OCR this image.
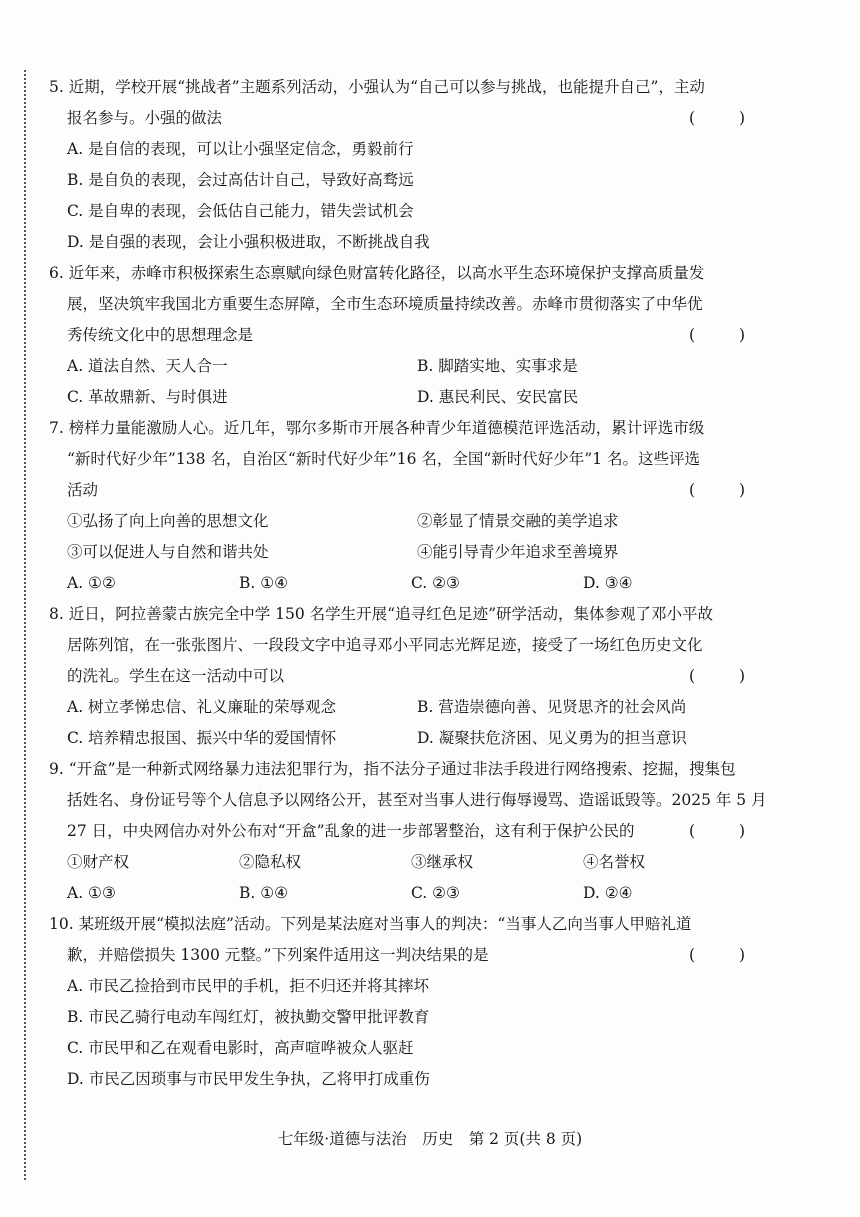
5. 近期，学校开展“挑战者”主题系列活动，小强认为“自己可以参与挑战，也能提升自己”，主动
报名参与。小强的做法	(	)
A. 是自信的表现，可以让小强坚定信念，勇毅前行
B. 是自负的表现，会过高估计自己，导致好高骛远
C. 是自卑的表现，会低估自己能力，错失尝试机会
D. 是自强的表现，会让小强积极进取，不断挑战自我
6. 近年来，赤峰市积极探索生态禀赋向绿色财富转化路径，以高水平生态环境保护支撑高质量发
展，坚决筑牢我国北方重要生态屏障，全市生态环境质量持续改善。赤峰市贯彻落实了中华优
秀传统文化中的思想理念是	(	)
A. 道法自然、天人合一	B. 脚踏实地、实事求是
C. 革故鼎新、与时俱进	D. 惠民利民、安民富民
7. 榜样力量能激励人心。近几年，鄂尔多斯市开展各种青少年道德模范评选活动，累计评选市级
“新时代好少年”138 名，自治区“新时代好少年”16 名，全国“新时代好少年”1 名。这些评选
活动	(	)
①弘扬了向上向善的思想文化	②彰显了情景交融的美学追求
③可以促进人与自然和谐共处	④能引导青少年追求至善境界
A. ①②	B. ①④	C. ②③	D. ③④
8. 近日，阿拉善蒙古族完全中学 150 名学生开展“追寻红色足迹”研学活动，集体参观了邓小平故
居陈列馆，在一张张图片、一段段文字中追寻邓小平同志光辉足迹，接受了一场红色历史文化
的洗礼。学生在这一活动中可以	(	)
A. 树立孝悌忠信、礼义廉耻的荣辱观念	B. 营造崇德向善、见贤思齐的社会风尚
C. 培养精忠报国、振兴中华的爱国情怀	D. 凝聚扶危济困、见义勇为的担当意识
9. “开盒”是一种新式网络暴力违法犯罪行为，指不法分子通过非法手段进行网络搜索、挖掘，搜集包
括姓名、身份证号等个人信息予以网络公开，甚至对当事人进行侮辱谩骂、造谣诋毁等。2025 年 5 月
27 日，中央网信办对外公布对“开盒”乱象的进一步部署整治，这有利于保护公民的	(	)
①财产权	②隐私权	③继承权	④名誉权
A. ①③	B. ①④	C. ②③	D. ②④
10. 某班级开展“模拟法庭”活动。下列是某法庭对当事人的判决：“当事人乙向当事人甲赔礼道
歉，并赔偿损失 1300 元整。”下列案件适用这一判决结果的是	(	)
A. 市民乙捡拾到市民甲的手机，拒不归还并将其摔坏
B. 市民乙骑行电动车闯红灯，被执勤交警甲批评教育
C. 市民甲和乙在观看电影时，高声喧哗被众人驱赶
D. 市民乙因琐事与市民甲发生争执，乙将甲打成重伤
七年级·道德与法治　历史　第 2 页(共 8 页)
